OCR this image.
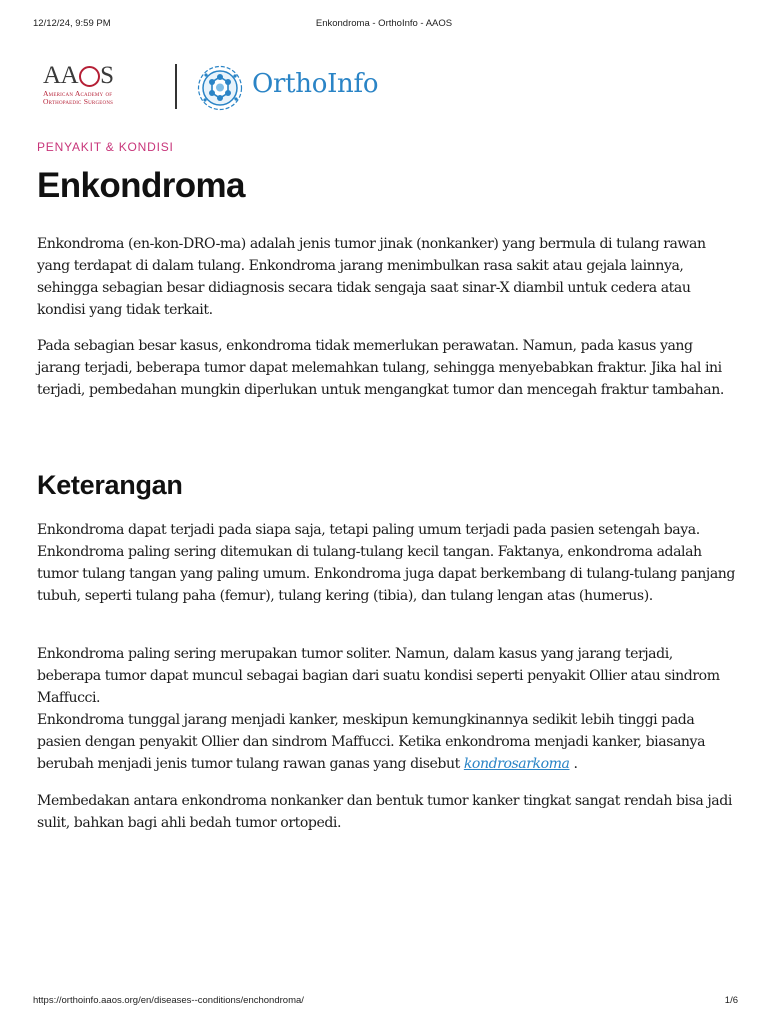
12/12/24, 9:59 PM	Enkondroma - OrthoInfo - AAOS
AA S
American Academy of
Orthopaedic Surgeons
OrthoInfo
PENYAKIT & KONDISI
Enkondroma

Enkondroma (en-kon-DRO-ma) adalah jenis tumor jinak (nonkanker) yang bermula di tulang rawan yang terdapat di dalam tulang. Enkondroma jarang menimbulkan rasa sakit atau gejala lainnya, sehingga sebagian besar didiagnosis secara tidak sengaja saat sinar-X diambil untuk cedera atau kondisi yang tidak terkait.

Pada sebagian besar kasus, enkondroma tidak memerlukan perawatan. Namun, pada kasus yang jarang terjadi, beberapa tumor dapat melemahkan tulang, sehingga menyebabkan fraktur. Jika hal ini terjadi, pembedahan mungkin diperlukan untuk mengangkat tumor dan mencegah fraktur tambahan.

Keterangan

Enkondroma dapat terjadi pada siapa saja, tetapi paling umum terjadi pada pasien setengah baya. Enkondroma paling sering ditemukan di tulang-tulang kecil tangan. Faktanya, enkondroma adalah tumor tulang tangan yang paling umum. Enkondroma juga dapat berkembang di tulang-tulang panjang tubuh, seperti tulang paha (femur), tulang kering (tibia), dan tulang lengan atas (humerus).

Enkondroma paling sering merupakan tumor soliter. Namun, dalam kasus yang jarang terjadi, beberapa tumor dapat muncul sebagai bagian dari suatu kondisi seperti penyakit Ollier atau sindrom Maffucci.
Enkondroma tunggal jarang menjadi kanker, meskipun kemungkinannya sedikit lebih tinggi pada pasien dengan penyakit Ollier dan sindrom Maffucci. Ketika enkondroma menjadi kanker, biasanya berubah menjadi jenis tumor tulang rawan ganas yang disebut kondrosarkoma .

Membedakan antara enkondroma nonkanker dan bentuk tumor kanker tingkat sangat rendah bisa jadi sulit, bahkan bagi ahli bedah tumor ortopedi.

https://orthoinfo.aaos.org/en/diseases--conditions/enchondroma/	1/6
